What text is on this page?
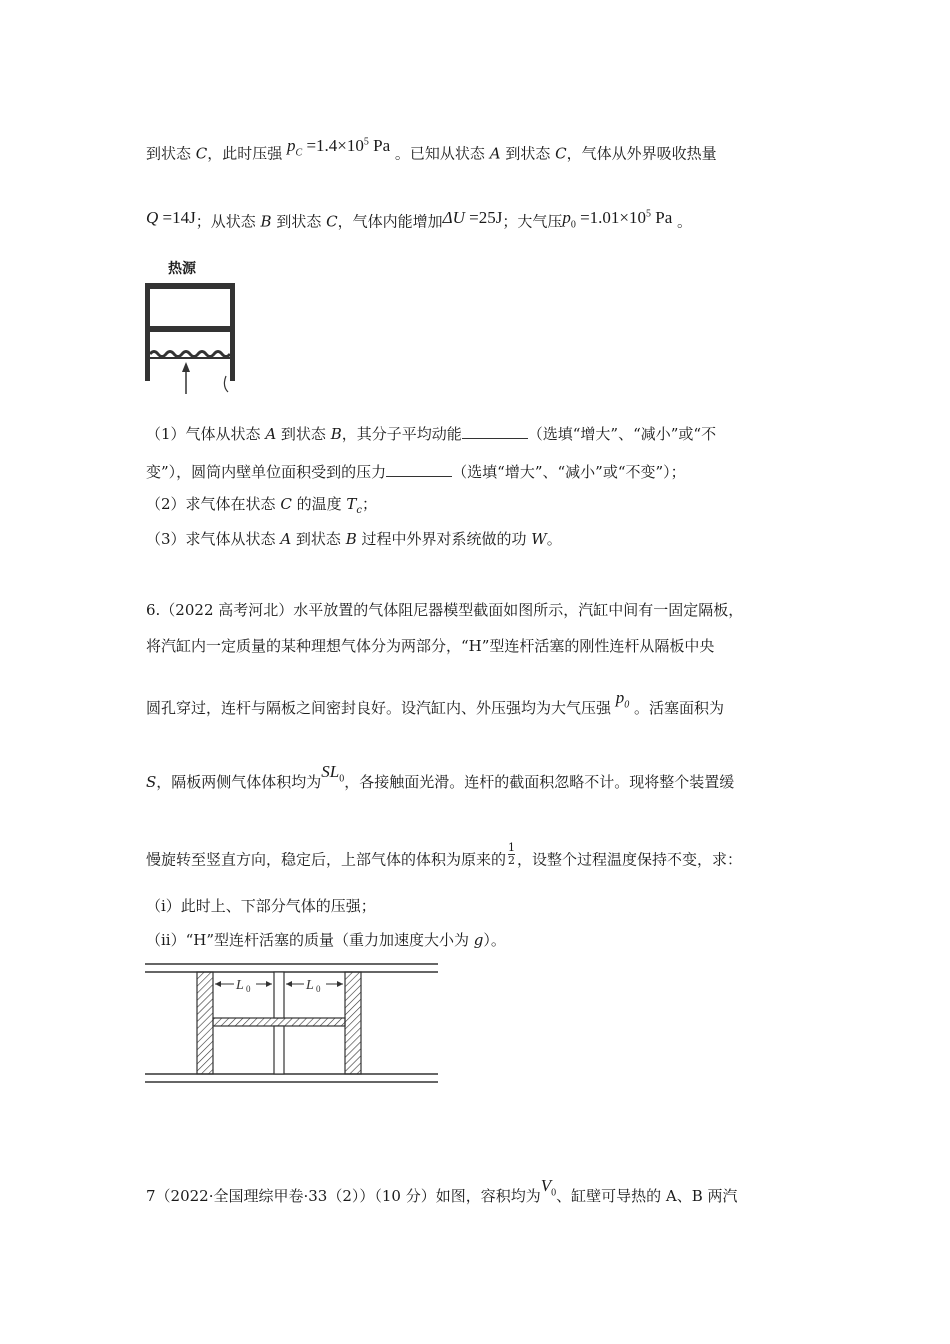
到状态 C，此时压强 $p_C =1.4\times 10^5$ Pa 。已知从状态 A 到状态 C，气体从外界吸收热量
Q =14J；从状态 B 到状态 C，气体内能增加ΔU =25J；大气压$p_0 =1.01\times 10^5$ Pa 。
热源
（1）气体从状态 A 到状态 B，其分子平均动能	（选填“增大”、“减小”或“不
变”），圆筒内壁单位面积受到的压力	（选填“增大”、“减小”或“不变”）；
（2）求气体在状态 C 的温度 $T_c$；
（3）求气体从状态 A 到状态 B 过程中外界对系统做的功 W。
6.（2022 高考河北）水平放置的气体阻尼器模型截面如图所示，汽缸中间有一固定隔板，
将汽缸内一定质量的某种理想气体分为两部分，“H”型连杆活塞的刚性连杆从隔板中央
圆孔穿过，连杆与隔板之间密封良好。设汽缸内、外压强均为大气压强 $p_0$ 。活塞面积为
S，隔板两侧气体体积均为$SL_0$，各接触面光滑。连杆的截面积忽略不计。现将整个装置缓
慢旋转至竖直方向，稳定后，上部气体的体积为原来的 $\frac{1}{2}$ ，设整个过程温度保持不变，求：
（i）此时上、下部分气体的压强；
（ii）“H”型连杆活塞的质量（重力加速度大小为 g）。
L 0	L 0
7（2022·全国理综甲卷·33（2））（10 分）如图，容积均为$V_0$、缸壁可导热的 A、B 两汽
